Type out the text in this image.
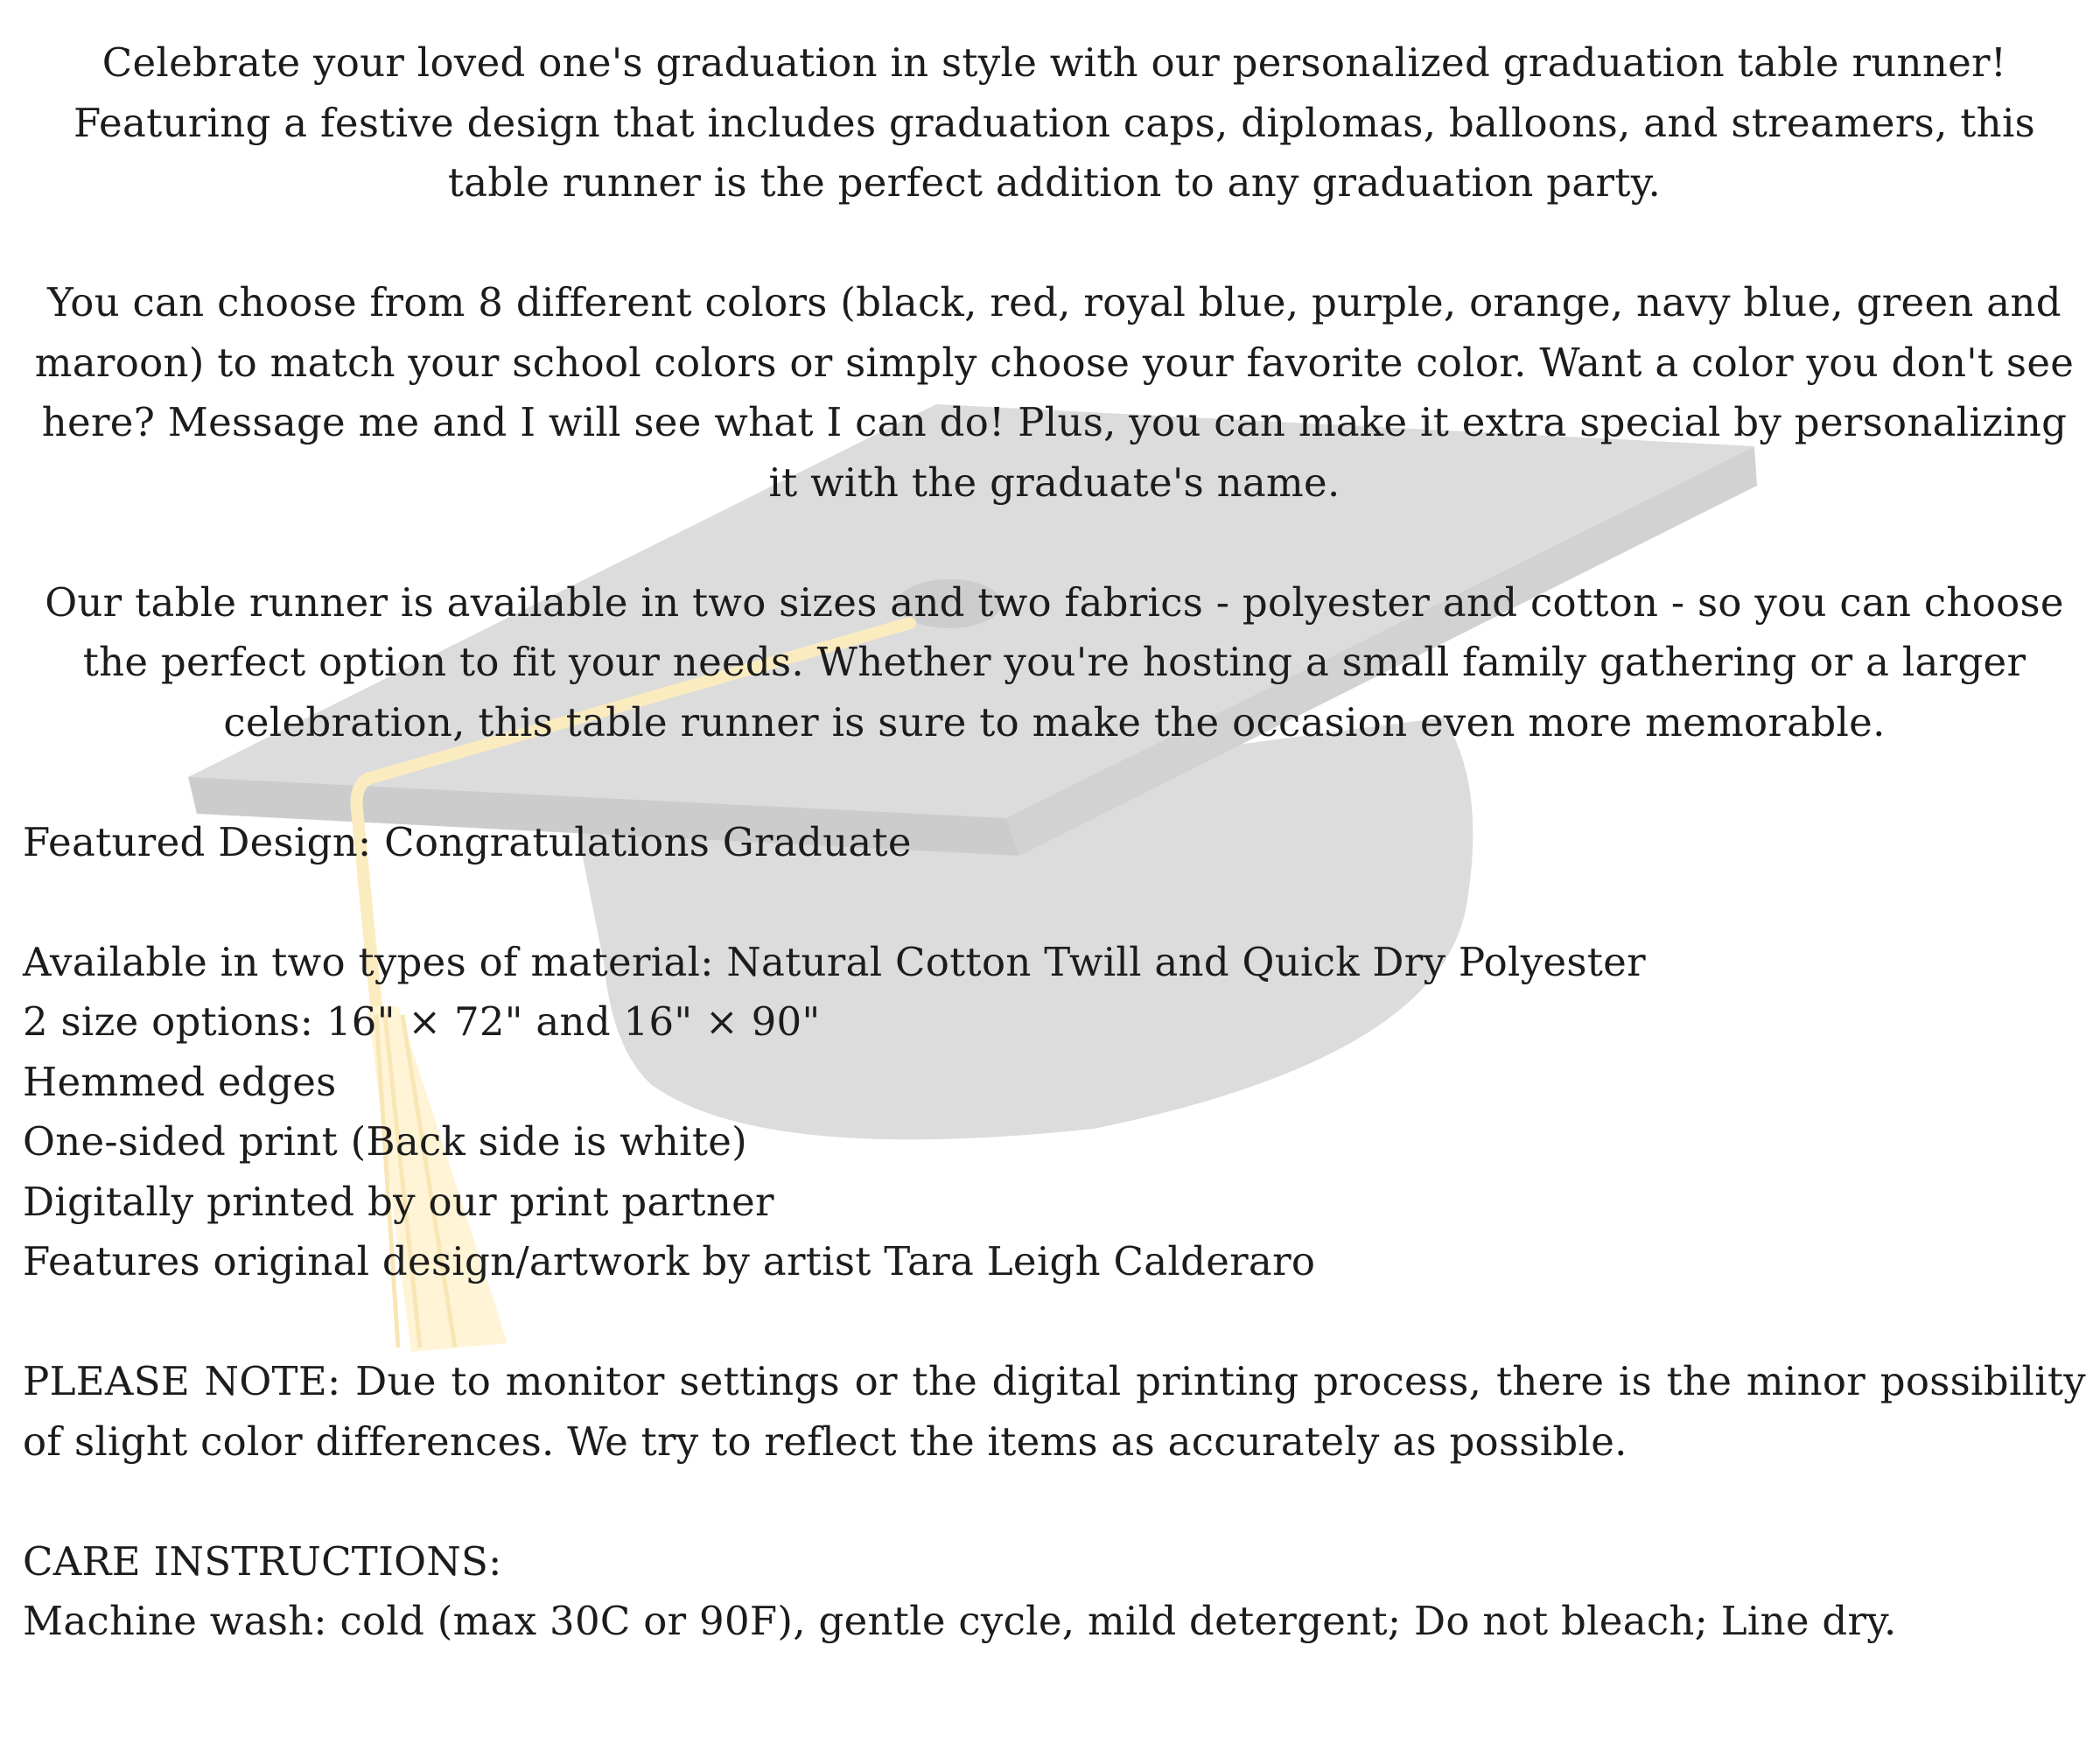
Celebrate your loved one's graduation in style with our personalized graduation table runner! Featuring a festive design that includes graduation caps, diplomas, balloons, and streamers, this table runner is the perfect addition to any graduation party.
You can choose from 8 different colors (black, red, royal blue, purple, orange, navy blue, green and maroon) to match your school colors or simply choose your favorite color. Want a color you don't see here? Message me and I will see what I can do! Plus, you can make it extra special by personalizing it with the graduate's name.
Our table runner is available in two sizes and two fabrics - polyester and cotton - so you can choose the perfect option to fit your needs. Whether you're hosting a small family gathering or a larger celebration, this table runner is sure to make the occasion even more memorable.
Featured Design: Congratulations Graduate
Available in two types of material: Natural Cotton Twill and Quick Dry Polyester
2 size options: 16" × 72" and 16" × 90"
Hemmed edges
One-sided print (Back side is white)
Digitally printed by our print partner
Features original design/artwork by artist Tara Leigh Calderaro
PLEASE NOTE: Due to monitor settings or the digital printing process, there is the minor possibility of slight color differences. We try to reflect the items as accurately as possible.
CARE INSTRUCTIONS:
Machine wash: cold (max 30C or 90F), gentle cycle, mild detergent; Do not bleach; Line dry.
